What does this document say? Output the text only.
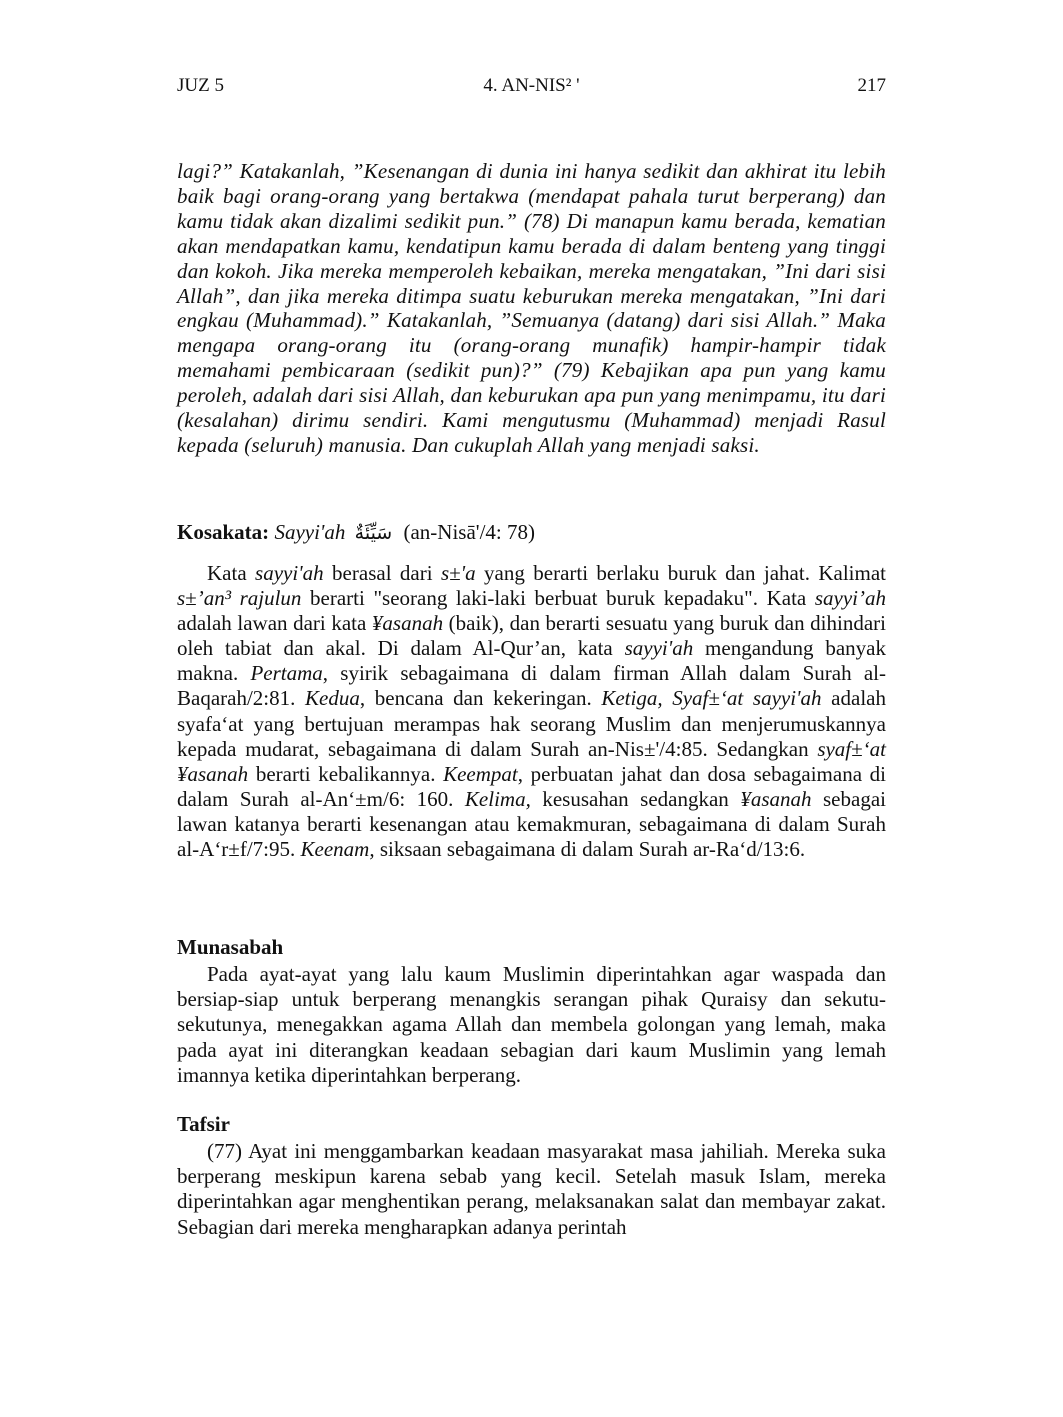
JUZ 5	4. AN-NIS² '	217

lagi?” Katakanlah, ”Kesenangan di dunia ini hanya sedikit dan akhirat itu lebih baik bagi orang-orang yang bertakwa (mendapat pahala turut berperang) dan kamu tidak akan dizalimi sedikit pun.” (78) Di manapun kamu berada, kematian akan mendapatkan kamu, kendatipun kamu berada di dalam benteng yang tinggi dan kokoh. Jika mereka memperoleh kebaikan, mereka mengatakan, ”Ini dari sisi Allah”, dan jika mereka ditimpa suatu keburukan mereka mengatakan, ”Ini dari engkau (Muhammad).” Katakanlah, ”Semuanya (datang) dari sisi Allah.” Maka mengapa orang-orang itu (orang-orang munafik) hampir-hampir tidak memahami pembicaraan (sedikit pun)?” (79) Kebajikan apa pun yang kamu peroleh, adalah dari sisi Allah, dan keburukan apa pun yang menimpamu, itu dari (kesalahan) dirimu sendiri. Kami mengutusmu (Muhammad) menjadi Rasul kepada (seluruh) manusia. Dan cukuplah Allah yang menjadi saksi.

Kosakata: Sayyi'ah سَيِّئَةٌ (an-Nisā'/4: 78)

Kata sayyi'ah berasal dari s±'a yang berarti berlaku buruk dan jahat. Kalimat s±’an³ rajulun berarti "seorang laki-laki berbuat buruk kepadaku". Kata sayyi’ah adalah lawan dari kata ¥asanah (baik), dan berarti sesuatu yang buruk dan dihindari oleh tabiat dan akal. Di dalam Al-Qur’an, kata sayyi'ah mengandung banyak makna. Pertama, syirik sebagaimana di dalam firman Allah dalam Surah al-Baqarah/2:81. Kedua, bencana dan kekeringan. Ketiga, Syaf±‘at sayyi'ah adalah syafa‘at yang bertujuan merampas hak seorang Muslim dan menjerumuskannya kepada mudarat, sebagaimana di dalam Surah an-Nis±'/4:85. Sedangkan syaf±‘at ¥asanah berarti kebalikannya. Keempat, perbuatan jahat dan dosa sebagaimana di dalam Surah al-An‘±m/6: 160. Kelima, kesusahan sedangkan ¥asanah sebagai lawan katanya berarti kesenangan atau kemakmuran, sebagaimana di dalam Surah al-A‘r±f/7:95. Keenam, siksaan sebagaimana di dalam Surah ar-Ra‘d/13:6.

Munasabah

Pada ayat-ayat yang lalu kaum Muslimin diperintahkan agar waspada dan bersiap-siap untuk berperang menangkis serangan pihak Quraisy dan sekutu-sekutunya, menegakkan agama Allah dan membela golongan yang lemah, maka pada ayat ini diterangkan keadaan sebagian dari kaum Muslimin yang lemah imannya ketika diperintahkan berperang.

Tafsir

(77) Ayat ini menggambarkan keadaan masyarakat masa jahiliah. Mereka suka berperang meskipun karena sebab yang kecil. Setelah masuk Islam, mereka diperintahkan agar menghentikan perang, melaksanakan salat dan membayar zakat. Sebagian dari mereka mengharapkan adanya perintah
